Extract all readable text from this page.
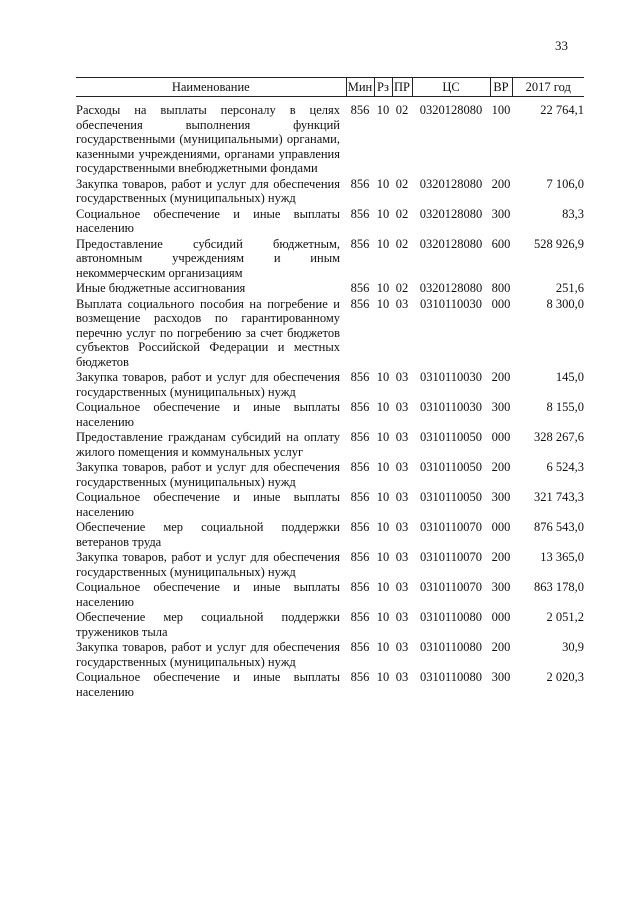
33
Наименование	Мин	Рз	ПР	ЦС	ВР	2017 год

Расходы на выплаты персоналу в целях обеспечения выполнения функций государственными (муниципальными) органами, казенными учреждениями, органами управления государственными внебюджетными фондами	856	10	02	0320128080	100	22 764,1
Закупка товаров, работ и услуг для обеспечения государственных (муниципальных) нужд	856	10	02	0320128080	200	7 106,0
Социальное обеспечение и иные выплаты населению	856	10	02	0320128080	300	83,3
Предоставление субсидий бюджетным, автономным учреждениям и иным некоммерческим организациям	856	10	02	0320128080	600	528 926,9
Иные бюджетные ассигнования	856	10	02	0320128080	800	251,6
Выплата социального пособия на погребение и возмещение расходов по гарантированному перечню услуг по погребению за счет бюджетов субъектов Российской Федерации и местных бюджетов	856	10	03	0310110030	000	8 300,0
Закупка товаров, работ и услуг для обеспечения государственных (муниципальных) нужд	856	10	03	0310110030	200	145,0
Социальное обеспечение и иные выплаты населению	856	10	03	0310110030	300	8 155,0
Предоставление гражданам субсидий на оплату жилого помещения и коммунальных услуг	856	10	03	0310110050	000	328 267,6
Закупка товаров, работ и услуг для обеспечения государственных (муниципальных) нужд	856	10	03	0310110050	200	6 524,3
Социальное обеспечение и иные выплаты населению	856	10	03	0310110050	300	321 743,3
Обеспечение мер социальной поддержки ветеранов труда	856	10	03	0310110070	000	876 543,0
Закупка товаров, работ и услуг для обеспечения государственных (муниципальных) нужд	856	10	03	0310110070	200	13 365,0
Социальное обеспечение и иные выплаты населению	856	10	03	0310110070	300	863 178,0
Обеспечение мер социальной поддержки тружеников тыла	856	10	03	0310110080	000	2 051,2
Закупка товаров, работ и услуг для обеспечения государственных (муниципальных) нужд	856	10	03	0310110080	200	30,9
Социальное обеспечение и иные выплаты населению	856	10	03	0310110080	300	2 020,3
